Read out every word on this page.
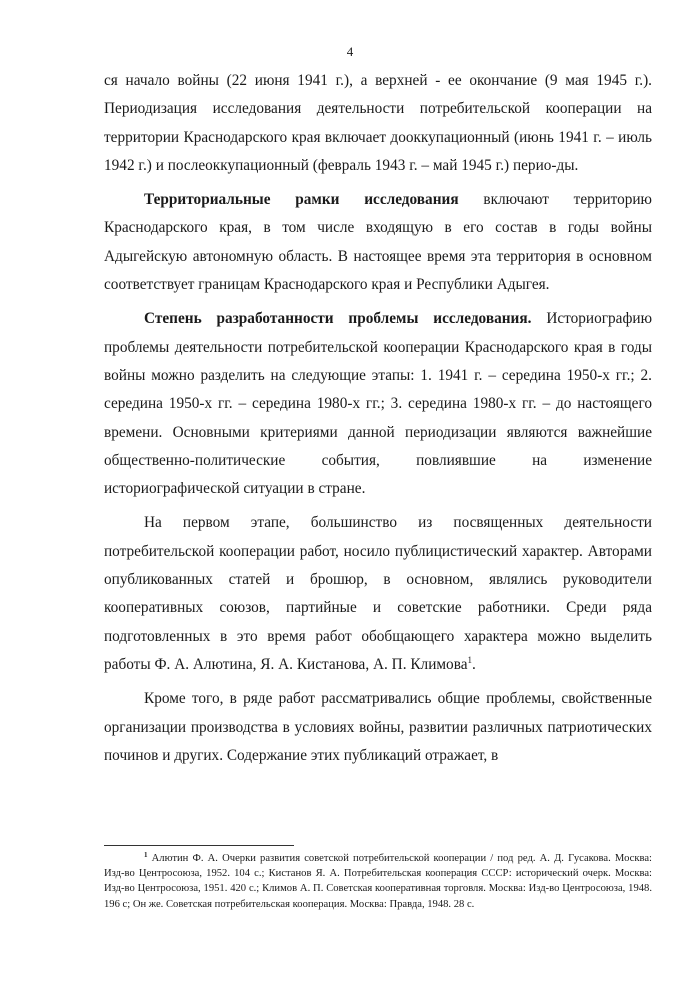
4

ся начало войны (22 июня 1941 г.), а верхней - ее окончание (9 мая 1945 г.). Периодизация исследования деятельности потребительской кооперации на территории Краснодарского края включает дооккупационный (июнь 1941 г. – июль 1942 г.) и послеоккупационный (февраль 1943 г. – май 1945 г.) перио-ды.

Территориальные рамки исследования включают территорию Краснодарского края, в том числе входящую в его состав в годы войны Адыгейскую автономную область. В настоящее время эта территория в основном соответствует границам Краснодарского края и Республики Адыгея.

Степень разработанности проблемы исследования. Историографию проблемы деятельности потребительской кооперации Краснодарского края в годы войны можно разделить на следующие этапы: 1. 1941 г. – середина 1950-х гг.; 2. середина 1950-х гг. – середина 1980-х гг.; 3. середина 1980-х гг. – до настоящего времени. Основными критериями данной периодизации являются важнейшие общественно-политические события, повлиявшие на изменение историографической ситуации в стране.

На первом этапе, большинство из посвященных деятельности потребительской кооперации работ, носило публицистический характер. Авторами опубликованных статей и брошюр, в основном, являлись руководители кооперативных союзов, партийные и советские работники. Среди ряда подготовленных в это время работ обобщающего характера можно выделить работы Ф. А. Алютина, Я. А. Кистанова, А. П. Климова$^1$.

Кроме того, в ряде работ рассматривались общие проблемы, свойственные организации производства в условиях войны, развитии различных патриотических починов и других. Содержание этих публикаций отражает, в

$^1$ Алютин Ф. А. Очерки развития советской потребительской кооперации / под ред. А. Д. Гусакова. Москва: Изд-во Центросоюза, 1952. 104 с.; Кистанов Я. А. Потребительская кооперация СССР: исторический очерк. Москва: Изд-во Центросоюза, 1951. 420 с.; Климов А. П. Советская кооперативная торговля. Москва: Изд-во Центросоюза, 1948. 196 с; Он же. Советская потребительская кооперация. Москва: Правда, 1948. 28 с.
